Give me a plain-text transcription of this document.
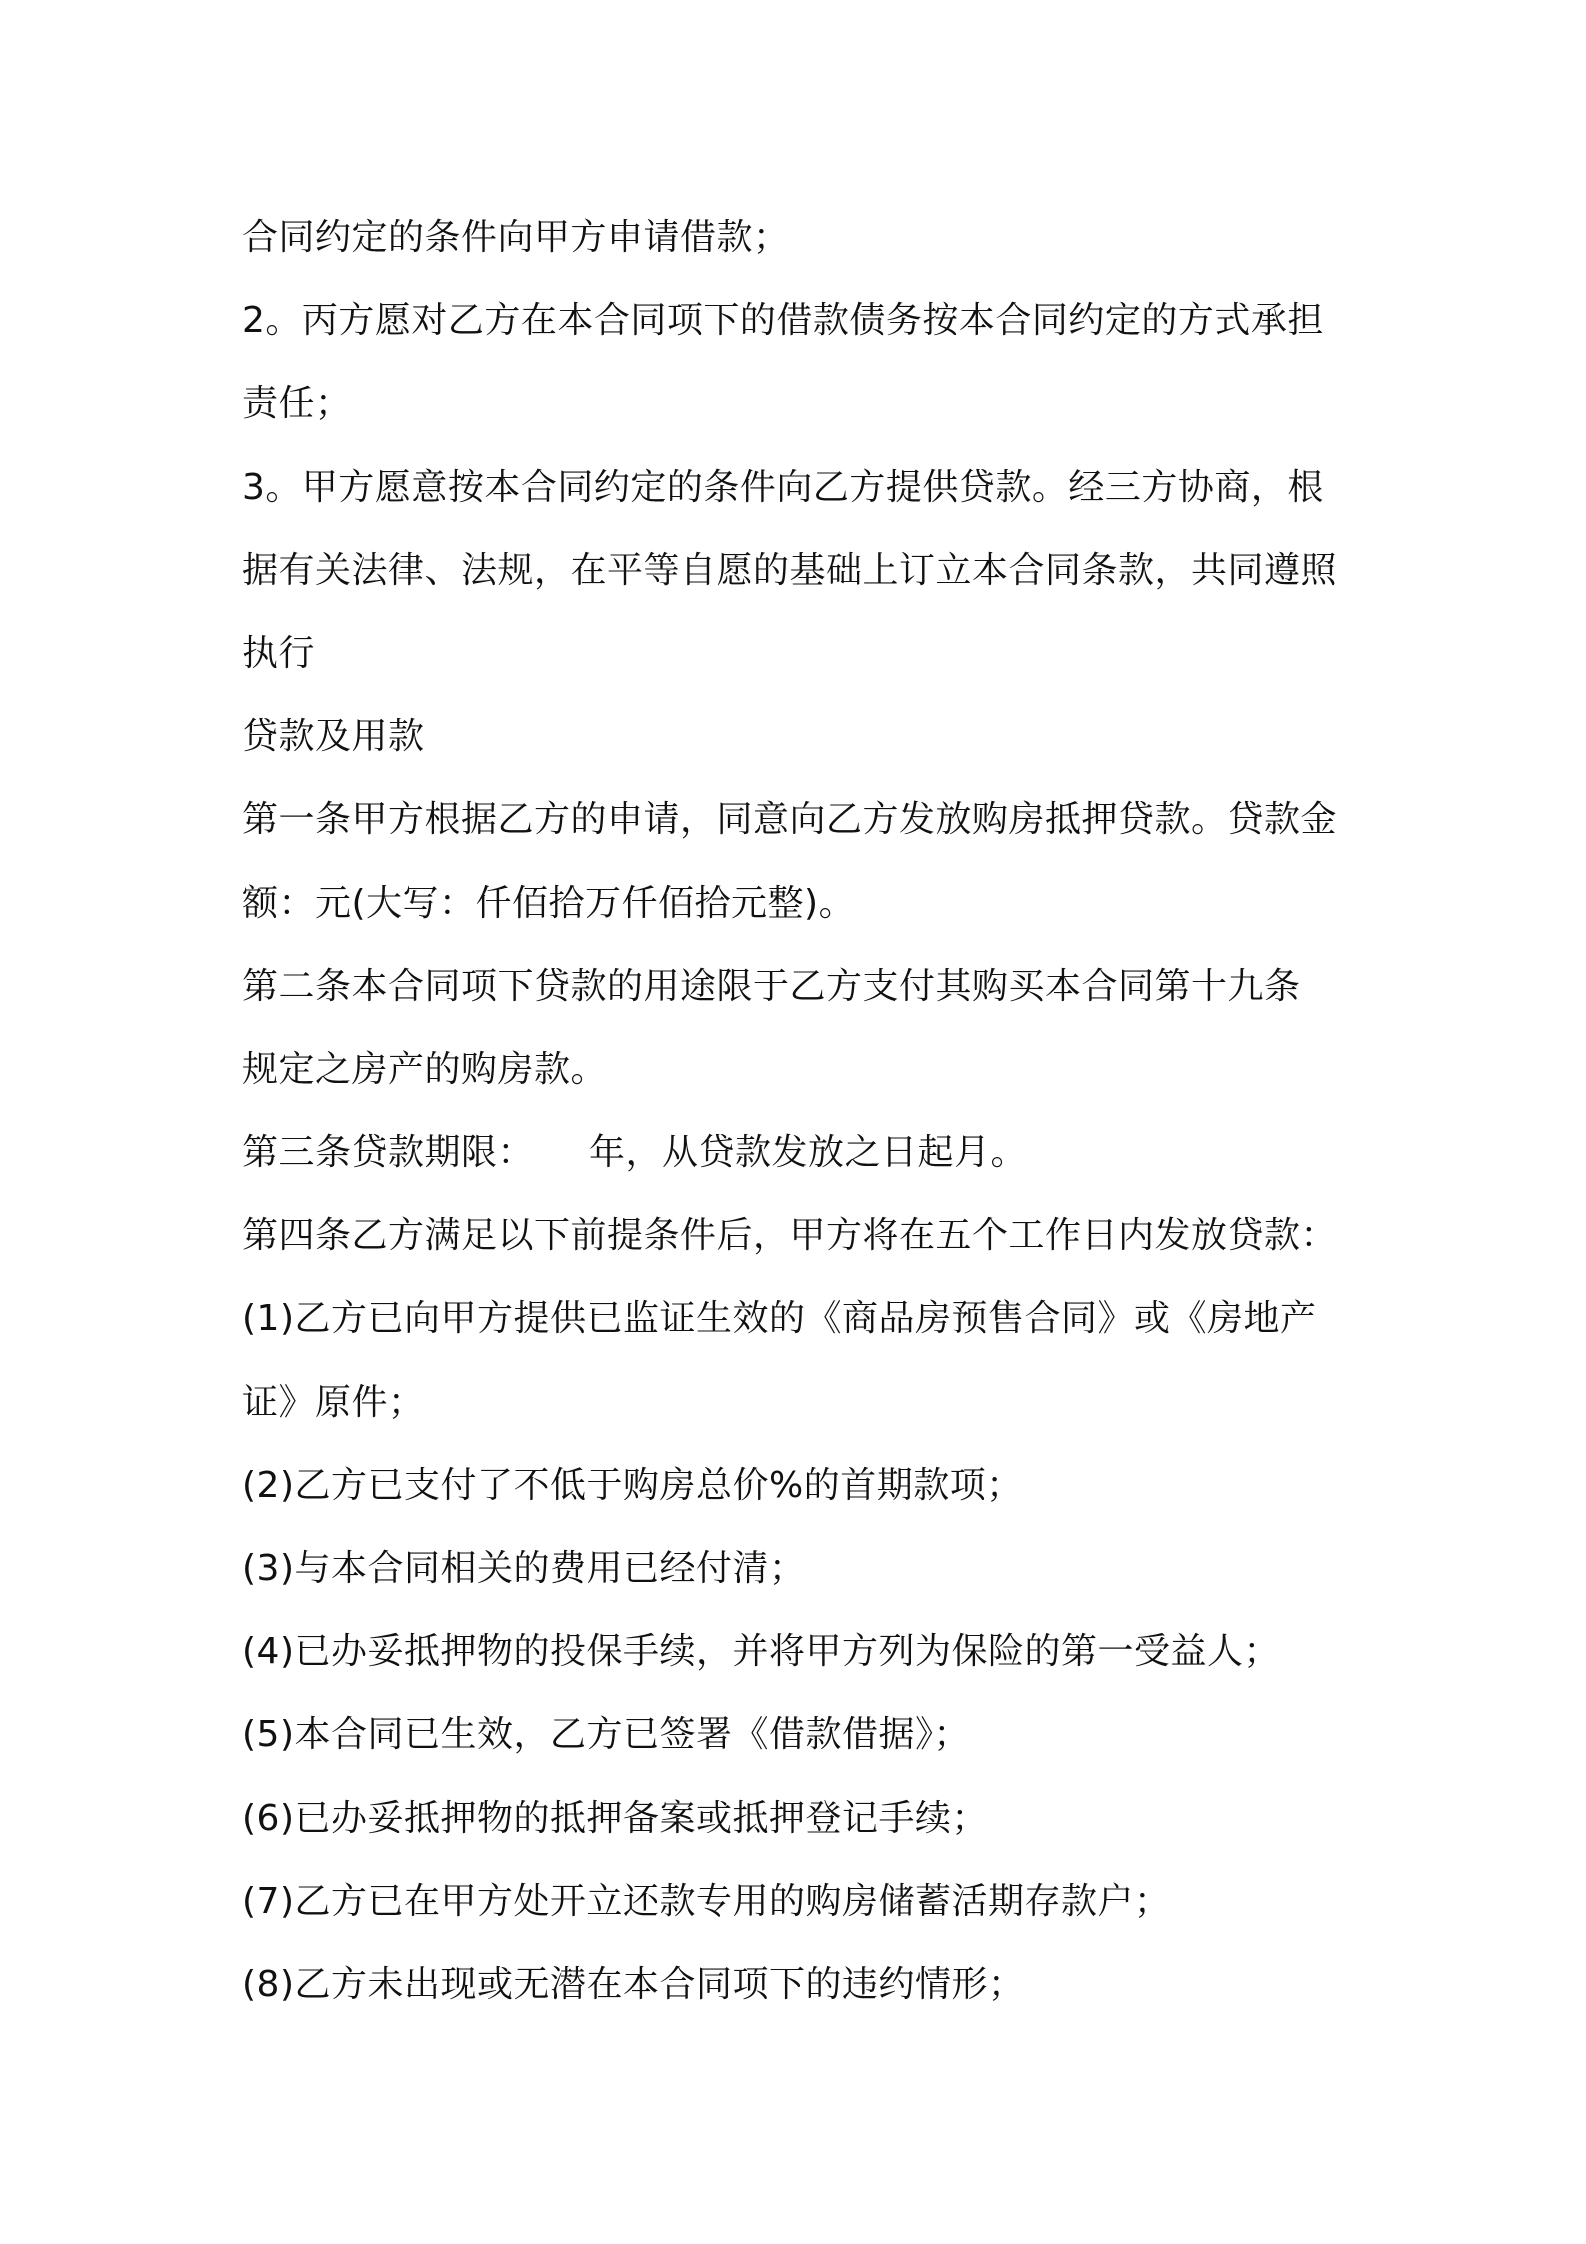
合同约定的条件向甲方申请借款；
2。丙方愿对乙方在本合同项下的借款债务按本合同约定的方式承担
责任；
3。甲方愿意按本合同约定的条件向乙方提供贷款。经三方协商，根
据有关法律、法规，在平等自愿的基础上订立本合同条款，共同遵照
执行
贷款及用款
第一条甲方根据乙方的申请，同意向乙方发放购房抵押贷款。贷款金
额：元(大写：仟佰拾万仟佰拾元整)。
第二条本合同项下贷款的用途限于乙方支付其购买本合同第十九条
规定之房产的购房款。
第三条贷款期限：　　年，从贷款发放之日起月。
第四条乙方满足以下前提条件后，甲方将在五个工作日内发放贷款：
(1)乙方已向甲方提供已监证生效的《商品房预售合同》或《房地产
证》原件；
(2)乙方已支付了不低于购房总价%的首期款项；
(3)与本合同相关的费用已经付清；
(4)已办妥抵押物的投保手续，并将甲方列为保险的第一受益人；
(5)本合同已生效，乙方已签署《借款借据》；
(6)已办妥抵押物的抵押备案或抵押登记手续；
(7)乙方已在甲方处开立还款专用的购房储蓄活期存款户；
(8)乙方未出现或无潜在本合同项下的违约情形；
